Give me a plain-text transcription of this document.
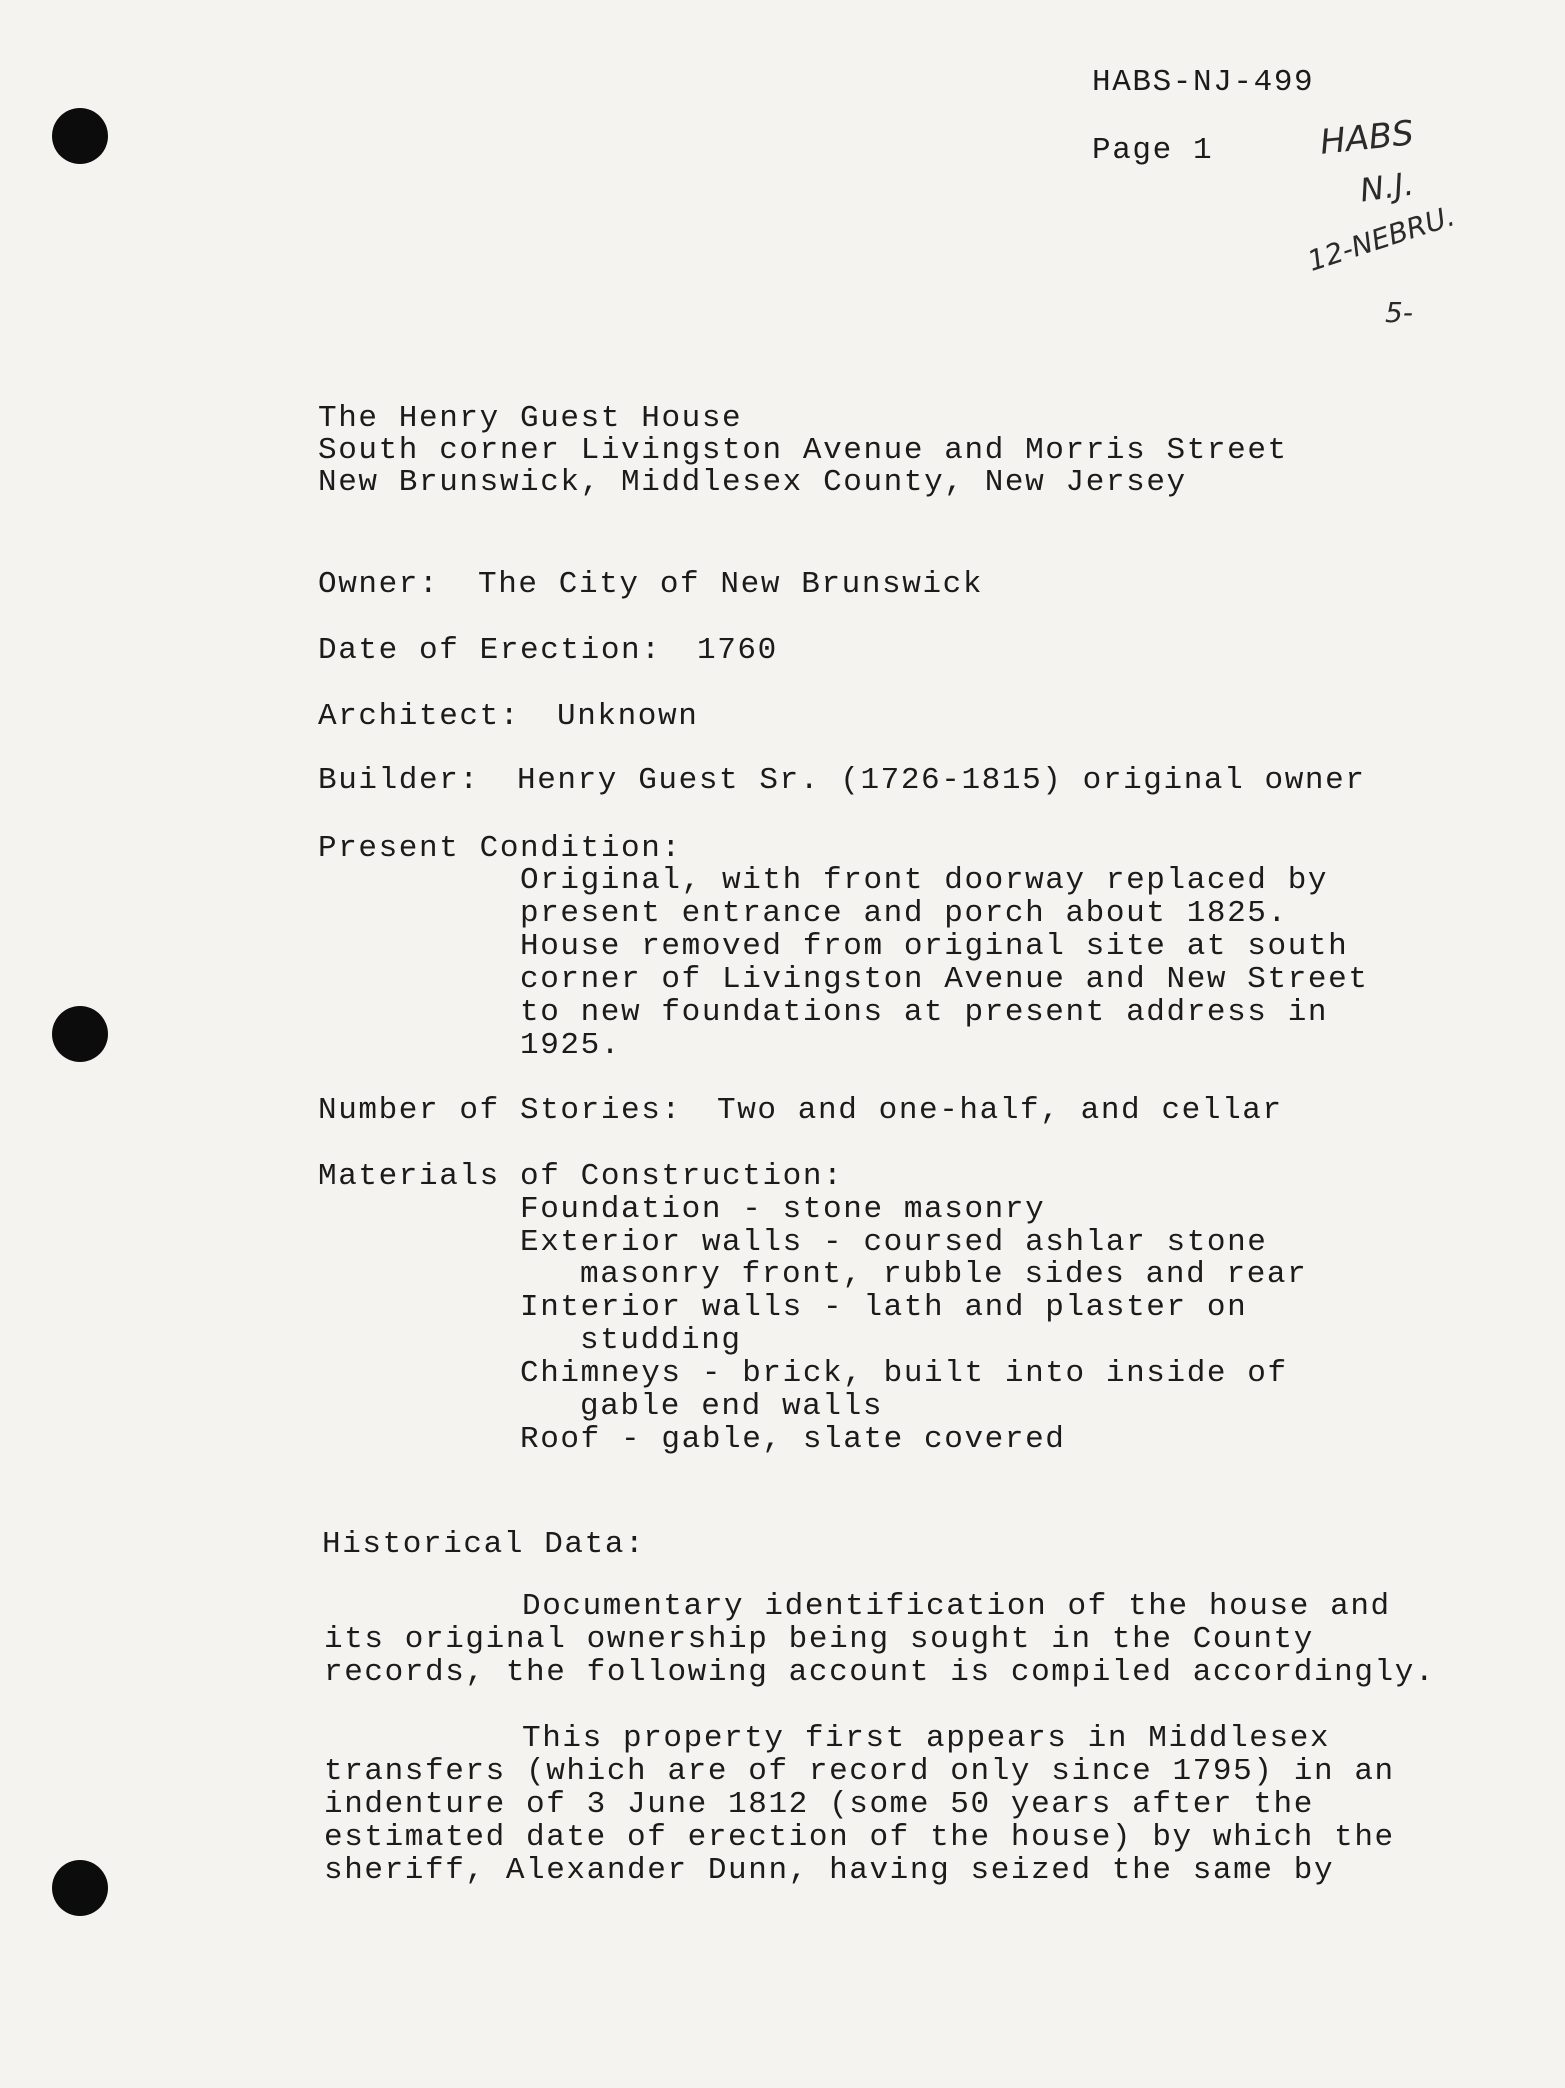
HABS-NJ-499
Page 1	HABS
N.J.
12-NEBRU.
5-
The Henry Guest House
South corner Livingston Avenue and Morris Street
New Brunswick, Middlesex County, New Jersey
Owner: The City of New Brunswick
Date of Erection: 1760
Architect: Unknown
Builder: Henry Guest Sr. (1726-1815) original owner
Present Condition:
Original, with front doorway replaced by
present entrance and porch about 1825.
House removed from original site at south
corner of Livingston Avenue and New Street
to new foundations at present address in
1925.
Number of Stories: Two and one-half, and cellar
Materials of Construction:
Foundation - stone masonry
Exterior walls - coursed ashlar stone
masonry front, rubble sides and rear
Interior walls - lath and plaster on
studding
Chimneys - brick, built into inside of
gable end walls
Roof - gable, slate covered
Historical Data:
Documentary identification of the house and
its original ownership being sought in the County
records, the following account is compiled accordingly.
This property first appears in Middlesex
transfers (which are of record only since 1795) in an
indenture of 3 June 1812 (some 50 years after the
estimated date of erection of the house) by which the
sheriff, Alexander Dunn, having seized the same by
